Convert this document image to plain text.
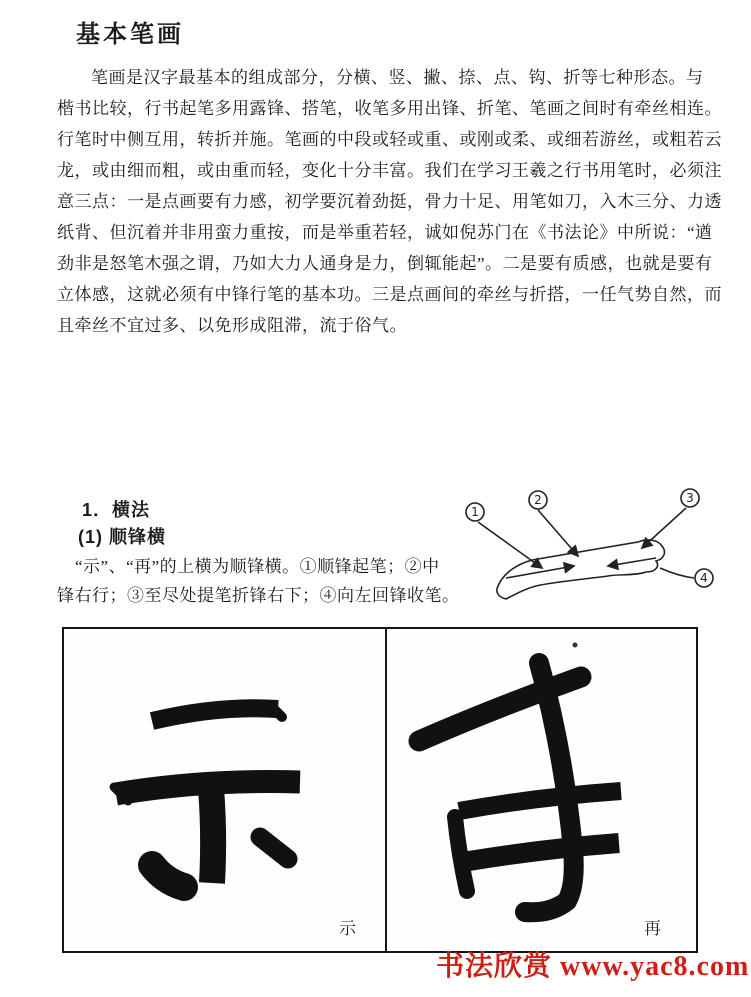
基本笔画
笔画是汉字最基本的组成部分，分横、竖、撇、捺、点、钩、折等七种形态。与
楷书比较，行书起笔多用露锋、搭笔，收笔多用出锋、折笔、笔画之间时有牵丝相连。
行笔时中侧互用，转折并施。笔画的中段或轻或重、或刚或柔、或细若游丝，或粗若云
龙，或由细而粗，或由重而轻，变化十分丰富。我们在学习王羲之行书用笔时，必须注
意三点：一是点画要有力感，初学要沉着劲挺，骨力十足、用笔如刀，入木三分、力透
纸背、但沉着并非用蛮力重按，而是举重若轻，诚如倪苏门在《书法论》中所说：“遒
劲非是怒笔木强之谓，乃如大力人通身是力，倒辄能起”。二是要有质感，也就是要有
立体感，这就必须有中锋行笔的基本功。三是点画间的牵丝与折搭，一任气势自然，而
且牵丝不宜过多、以免形成阻滞，流于俗气。
1．横法
(1) 顺锋横
“示”、“再”的上横为顺锋横。①顺锋起笔；②中
锋右行；③至尽处提笔折锋右下；④向左回锋收笔。
1
2	3
4
示	再
书法欣赏 www.yac8.com
